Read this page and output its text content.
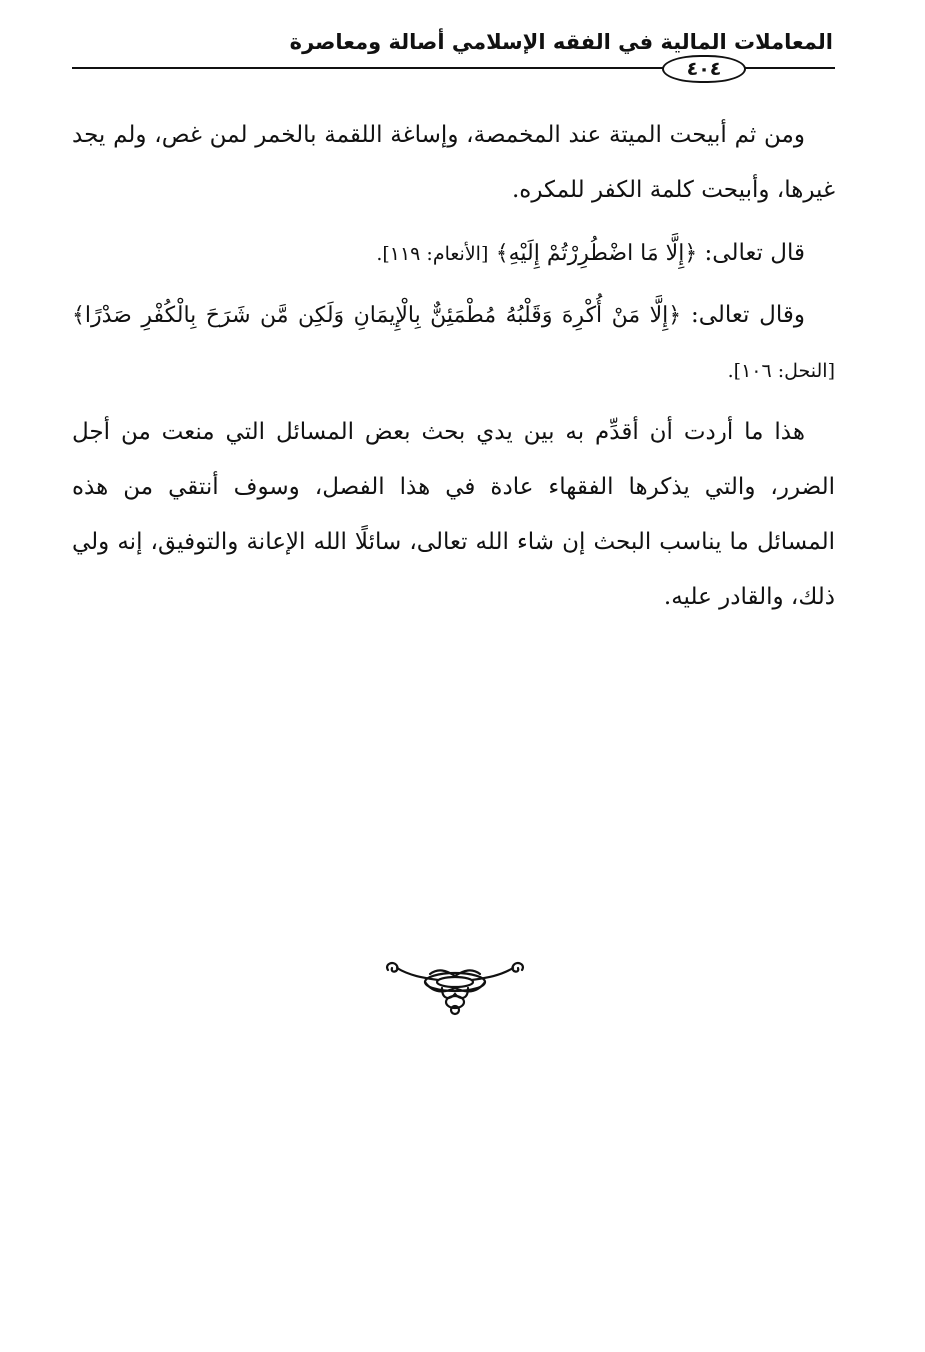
المعاملات المالية في الفقه الإسلامي أصالة ومعاصرة
٤٠٤

ومن ثم أبيحت الميتة عند المخمصة، وإساغة اللقمة بالخمر لمن غص، ولم يجد غيرها، وأبيحت كلمة الكفر للمكره.

قال تعالى: ﴿إِلَّا مَا اضْطُرِرْتُمْ إِلَيْهِ﴾ [الأنعام: ١١٩].

وقال تعالى: ﴿إِلَّا مَنْ أُكْرِهَ وَقَلْبُهُ مُطْمَئِنٌّ بِالْإِيمَانِ وَلَكِن مَّن شَرَحَ بِالْكُفْرِ صَدْرًا﴾ [النحل: ١٠٦].

هذا ما أردت أن أقدِّم به بين يدي بحث بعض المسائل التي منعت من أجل الضرر، والتي يذكرها الفقهاء عادة في هذا الفصل، وسوف أنتقي من هذه المسائل ما يناسب البحث إن شاء الله تعالى، سائلًا الله الإعانة والتوفيق، إنه ولي ذلك، والقادر عليه.
